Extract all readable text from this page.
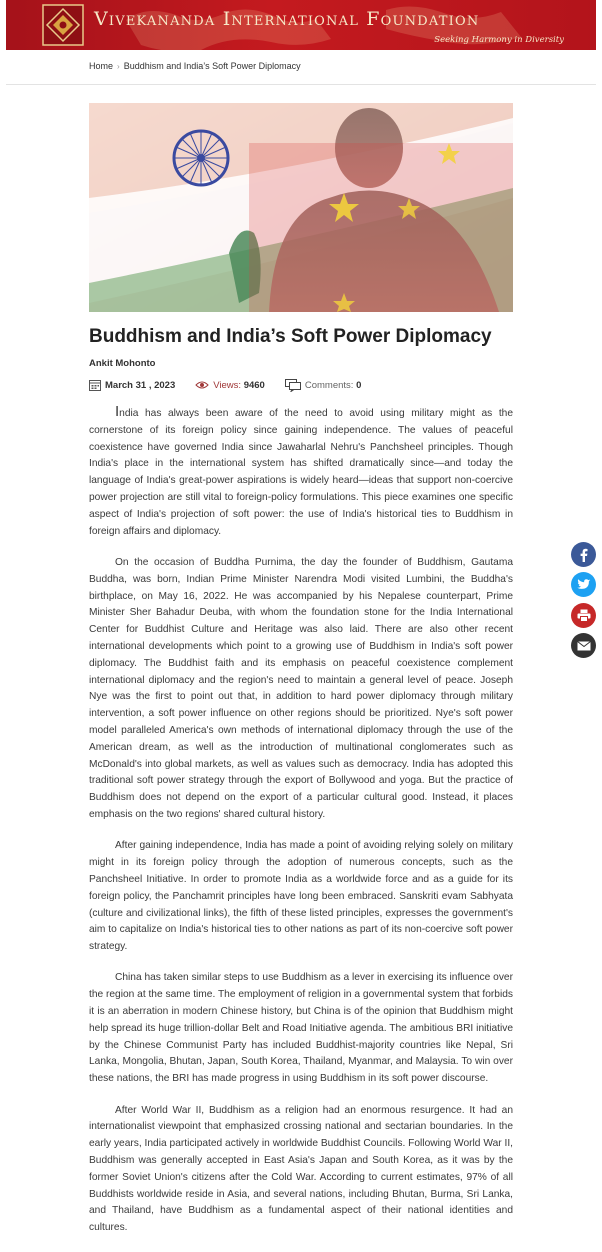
Vivekananda International Foundation
Seeking Harmony in Diversity
Home › Buddhism and India’s Soft Power Diplomacy
Buddhism and India’s Soft Power Diplomacy
Ankit Mohonto
March 31 , 2023	Views:
9460	Comments:
0

India has always been aware of the need to avoid using military might as the cornerstone of its foreign policy since gaining independence. The values of peaceful coexistence have governed India since Jawaharlal Nehru's Panchsheel principles. Though India's place in the international system has shifted dramatically since—and today the language of India's great-power aspirations is widely heard—ideas that support non-coercive power projection are still vital to foreign-policy formulations. This piece examines one specific aspect of India's projection of soft power: the use of India's historical ties to Buddhism in foreign affairs and diplomacy.

On the occasion of Buddha Purnima, the day the founder of Buddhism, Gautama Buddha, was born, Indian Prime Minister Narendra Modi visited Lumbini, the Buddha's birthplace, on May 16, 2022. He was accompanied by his Nepalese counterpart, Prime Minister Sher Bahadur Deuba, with whom the foundation stone for the India International Center for Buddhist Culture and Heritage was also laid. There are also other recent international developments which point to a growing use of Buddhism in India's soft power diplomacy. The Buddhist faith and its emphasis on peaceful coexistence complement international diplomacy and the region's need to maintain a general level of peace. Joseph Nye was the first to point out that, in addition to hard power diplomacy through military intervention, a soft power influence on other regions should be prioritized. Nye's soft power model paralleled America's own methods of international diplomacy through the use of the American dream, as well as the introduction of multinational conglomerates such as McDonald's into global markets, as well as values such as democracy. India has adopted this traditional soft power strategy through the export of Bollywood and yoga. But the practice of Buddhism does not depend on the export of a particular cultural good. Instead, it places emphasis on the two regions' shared cultural history.

After gaining independence, India has made a point of avoiding relying solely on military might in its foreign policy through the adoption of numerous concepts, such as the Panchsheel Initiative. In order to promote India as a worldwide force and as a guide for its foreign policy, the Panchamrit principles have long been embraced. Sanskriti evam Sabhyata (culture and civilizational links), the fifth of these listed principles, expresses the government's aim to capitalize on India's historical ties to other nations as part of its non-coercive soft power strategy.

China has taken similar steps to use Buddhism as a lever in exercising its influence over the region at the same time. The employment of religion in a governmental system that forbids it is an aberration in modern Chinese history, but China is of the opinion that Buddhism might help spread its huge trillion-dollar Belt and Road Initiative agenda. The ambitious BRI initiative by the Chinese Communist Party has included Buddhist-majority countries like Nepal, Sri Lanka, Mongolia, Bhutan, Japan, South Korea, Thailand, Myanmar, and Malaysia. To win over these nations, the BRI has made progress in using Buddhism in its soft power discourse.

After World War II, Buddhism as a religion had an enormous resurgence. It had an internationalist viewpoint that emphasized crossing national and sectarian boundaries. In the early years, India participated actively in worldwide Buddhist Councils. Following World War II, Buddhism was generally accepted in East Asia's Japan and South Korea, as it was by the former Soviet Union's citizens after the Cold War. According to current estimates, 97% of all Buddhists worldwide reside in Asia, and several nations, including Bhutan, Burma, Sri Lanka, and Thailand, have Buddhism as a fundamental aspect of their national identities and cultures.
